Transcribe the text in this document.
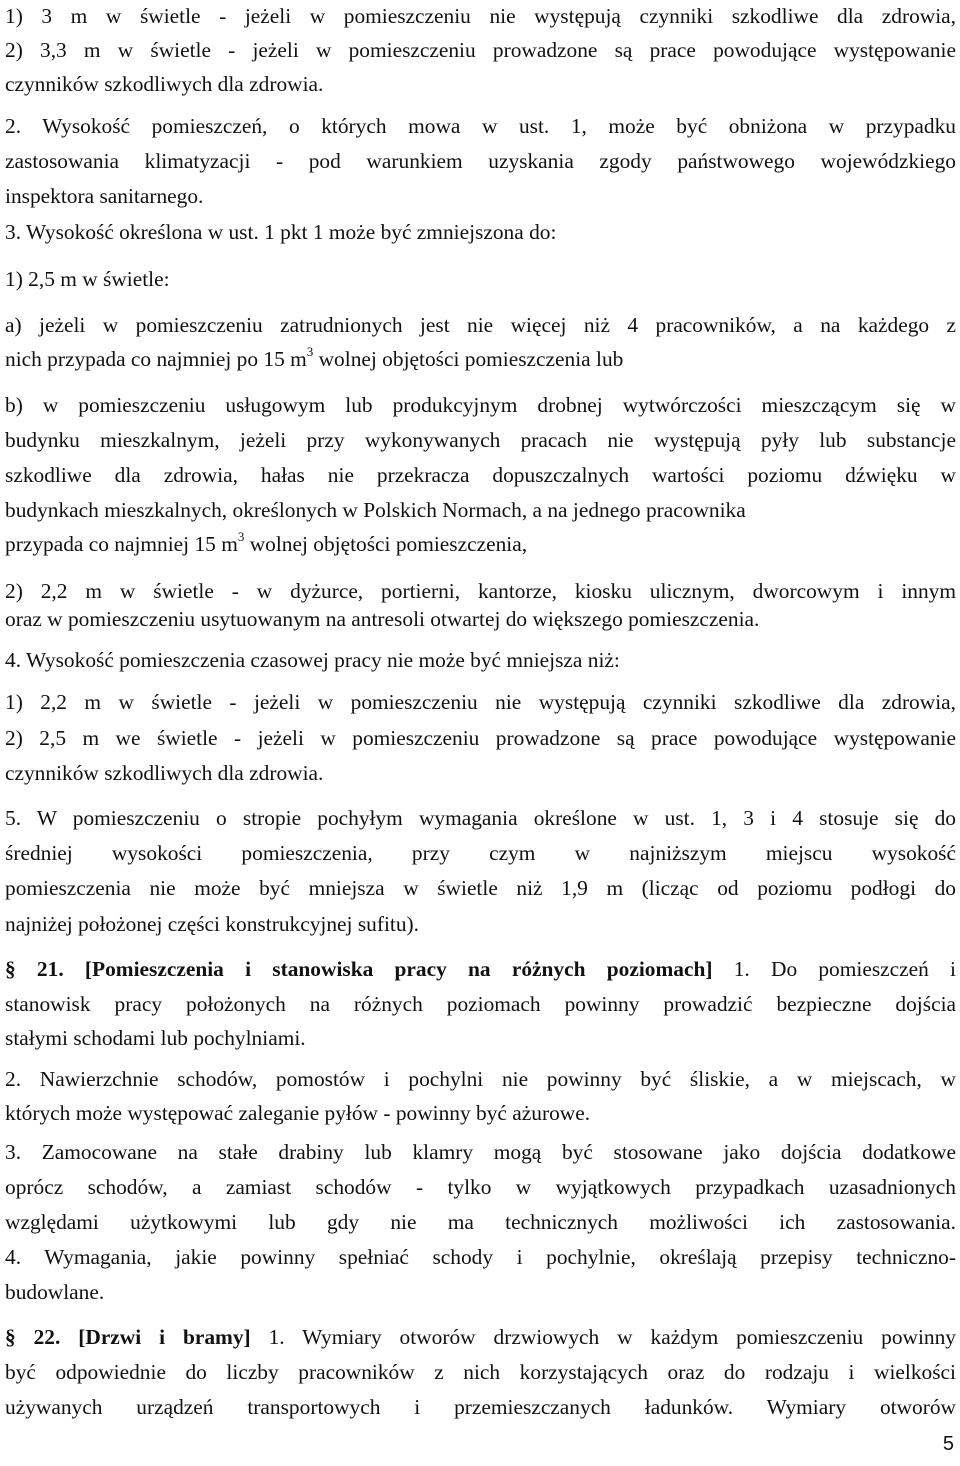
1) 3 m w świetle - jeżeli w pomieszczeniu nie występują czynniki szkodliwe dla zdrowia,
2) 3,3 m w świetle - jeżeli w pomieszczeniu prowadzone są prace powodujące występowanie
czynników szkodliwych dla zdrowia.
2. Wysokość pomieszczeń, o których mowa w ust. 1, może być obniżona w przypadku
zastosowania klimatyzacji - pod warunkiem uzyskania zgody państwowego wojewódzkiego
inspektora sanitarnego.
3. Wysokość określona w ust. 1 pkt 1 może być zmniejszona do:
1) 2,5 m w świetle:
a) jeżeli w pomieszczeniu zatrudnionych jest nie więcej niż 4 pracowników, a na każdego z
nich przypada co najmniej po 15 $m^3$ wolnej objętości pomieszczenia lub
b) w pomieszczeniu usługowym lub produkcyjnym drobnej wytwórczości mieszczącym się w
budynku mieszkalnym, jeżeli przy wykonywanych pracach nie występują pyły lub substancje
szkodliwe dla zdrowia, hałas nie przekracza dopuszczalnych wartości poziomu dźwięku w
budynkach mieszkalnych, określonych w Polskich Normach, a na jednego pracownika
przypada co najmniej 15 $m^3$ wolnej objętości pomieszczenia,
2) 2,2 m w świetle - w dyżurce, portierni, kantorze, kiosku ulicznym, dworcowym i innym
oraz w pomieszczeniu usytuowanym na antresoli otwartej do większego pomieszczenia.
4. Wysokość pomieszczenia czasowej pracy nie może być mniejsza niż:
1) 2,2 m w świetle - jeżeli w pomieszczeniu nie występują czynniki szkodliwe dla zdrowia,
2) 2,5 m we świetle - jeżeli w pomieszczeniu prowadzone są prace powodujące występowanie
czynników szkodliwych dla zdrowia.
5. W pomieszczeniu o stropie pochyłym wymagania określone w ust. 1, 3 i 4 stosuje się do
średniej wysokości pomieszczenia, przy czym w najniższym miejscu wysokość
pomieszczenia nie może być mniejsza w świetle niż 1,9 m (licząc od poziomu podłogi do
najniżej położonej części konstrukcyjnej sufitu).
§ 21. [Pomieszczenia i stanowiska pracy na różnych poziomach] 1. Do pomieszczeń i
stanowisk pracy położonych na różnych poziomach powinny prowadzić bezpieczne dojścia
stałymi schodami lub pochylniami.
2. Nawierzchnie schodów, pomostów i pochylni nie powinny być śliskie, a w miejscach, w
których może występować zaleganie pyłów - powinny być ażurowe.
3. Zamocowane na stałe drabiny lub klamry mogą być stosowane jako dojścia dodatkowe
oprócz schodów, a zamiast schodów - tylko w wyjątkowych przypadkach uzasadnionych
względami użytkowymi lub gdy nie ma technicznych możliwości ich zastosowania.
4. Wymagania, jakie powinny spełniać schody i pochylnie, określają przepisy techniczno-
budowlane.
§ 22. [Drzwi i bramy] 1. Wymiary otworów drzwiowych w każdym pomieszczeniu powinny
być odpowiednie do liczby pracowników z nich korzystających oraz do rodzaju i wielkości
używanych urządzeń transportowych i przemieszczanych ładunków. Wymiary otworów
5
